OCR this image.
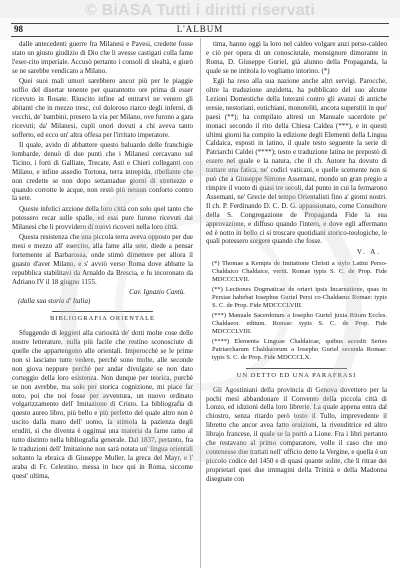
© BiASA Tutti i diritti riservati
98	L'ALBUM

dalle antecedenti guerre fra Milanesi e Pavesi, credette fosse stato un giusto giudizio di Dio che li avesse castigati colla fame l'eser-cito imperiale. Accusò pertanto i consoli di slealtà, e giurò se ne sarebbe vendicato a Milano.

Quei suoi mali umori sarebbero ancor più per le piaggie soffio del disertar tenente per quarantotto ore prima di esser ricevuto in Rosate. Riuscito infine ad entrarvi ne venero gli abitanti che in mezzo tresc, col doloroso riarco degli inferni, di vecchi, de' bambini, presero la via per Milano, ove furono a gara ricevuti; da' Milanesi, cupli onori dovuti a chi aveva tanto sofferto, ed ecco un' altra offesa per l'irritato imperatore.

Il quale, avido di abbattere questo baluardo delle franchigie lombarde, denuò di due punti che i Milanesi cercavano sul Ticino, i forti di Galliate, Trecate, Asti e Chieri colleganti con Milano, e infine assedio Tortona, terra intrepida, ribellante che non credette se non dopo settantadue giorni di strettezze e quando corrotte le acque, non restò più nessun conforto contro la sete.

Queste infelici azzione della loro città con solo quel tanto che potessero recar sulle spalle, ed essi pure furono ricevuti dai Milanesi che li provvidero di nuovi ricoveri nella loro città.

Questa resistenza che una piccola terra aveva opposto per due mesi e mezzo all' esercito, alla fame alla sete, diede a pensar fortemente al Barbarossa, onde stimò dimettere per allora il guasto d'aver Milano, e s' avviò verso Roma dove abbatte la repubblica stabilitavi da Arnaldo da Brescia, e fu incoronato da Adriano IV il 18 giugno 1155.

Cav. Ignazio Cantù.
(dalla sua storia d' Italia)
BIBLIOGRAFIA ORIENTALE

Sfuggendo di leggieri alla curiosità de' dotti molte cose delle nostre letterature, nulla più facile che restino sconosciute di quelle che appartengono alle orientali. Imperocchè se le prime non si lasciano tutte vedere, perchè sono molte, alle seconde non giova neppure perchè per andar divulgate se non dato corteggio della loro esistenza. Non dunque per teorica, purchè se non avrebbe, ma solo per storica cognizione, mi piace far noto, poi che noi fosse per avventura, un nuovo ordinato volgarizzamento dell' Imitazione di Cristo. La bibliografia di questo aureo libro, più bello e più perfetto del quale altro non è uscito dalla mano dell' uomo, la stimola la pazienza degli eruditi, sì che diventa è oggimai una materia da farne ramo al tutto distinto nella bibliografia generale. Dal 1837, pertanto, fra le traduzioni dell' Imitazione non sarà notata un' lingua orientali soltanto la ebraica di Giuseppe Muller, la greca del Mayr, e l' araba di Fr. Celestino. messa in luce qui in Roma, siccome quest' ultima,

tima, hanno oggi la loro nel caldeo volgare anzi perso-caldeo e ciò per opera di un conosciutale, monsignore dimorante in Roma, D. Giuseppe Guriel, già alunno della Propaganda, la quale se ne intitola lo vogliamo intorino. (*)

Egli ha reso alla sua nazione anche altri servigi. Parocche, oltre la traduzione anzidetta, ha pubblicato del suo alcune Lezioni Domestiche della luterani contro gli avanzi di antiche eresie, nestoriani, eutichiani, monoteliti, ancora superstiti in que' paesi (**); ha compilato altresì un Manuale sacerdote pe' monaci secondo il rito della Chiesa Caldea (***), e in questi ultimi giorni ha compito la edizione degli Elementi della Lingua Caldaica, esposti in latino, il quale testo seguente la serie di Patriarchi Caldei (****); testo e traduzione latina ne prepostò di essere nel quale e la natura, che il ch. Autore ha dovuto di trattare una fatica, ne' codici vaticani, e quelle scemente non si può che a Giuseppe Simone Assemani, mondo un gran pregio a rimpire il vuoto di quasi tre secoli, dal punto in cui la fermarono Assemani, ne' Grecie del tempo Orientalisti fino a' giorni nostri. Il ch. P. Ferdinando D. C. D. G. appassionato, come Consultore della S. Congregazione de Propaganda Fide la sua approvazione, e diffuso quando l'intero, e dove egli affermano ed è notto in bello ci si troscare quotidiani storico-teologiche, le quali potessero sorgere quando che fosse.

V. A.

(*) Thomae a Kempis de Imitatione Christi a stylo Latini Perso-Chaldaico Chaldaice, vertit. Romae typis S. C. de Prop. Fide MDCCCLVII.

(**) Lectiones Dogmaticae de ortavt ipsis Incarnatione, quas in Persiae habebat Iosephus Guriel Persi co-Chaldaeus Romae: typis S. C. de Prop. Fide MDCCCLVIII.

(***) Manuale Sacerdotum a Iosepho Guriel juxta Ritum Eccles. Chaldaeor. editum. Romae: typis S. C. de Prop. Fide MDCCCLVIII.

(****) Elementa Linguae Chaldaicae, quibus accedit Series Patriarcharum Chaldaeorum a Iosepho Guriel secunda Romae: typis S. C. de Prop. Fide MDCCCLX.

UN DETTO ED UNA PARAFRASI

Gli Agostiniani della provincia di Genova dovettero per la pochi mesi abbandonare il Convento della piccola città di Lonzo, ed idizioni della loro librerie. La quale appena entra dal chiostro, senza ritardo però tosto il Tullo, imprevedente il libretto che ancor avea fatto eruizioni, la rivenditrice ed altro librajo francese, il quale se la portò a Lione. Fra i libri pertanto che restavano al primo comparatore, volle il caso che uno contenesse due trattati nell' ufficio detto la Vergine, e quella è un piccolo codice del 1450 e di quasi quante solite, che li ritrae dei proprietari quei due immagini della Trinità e della Madonna disegnate con
